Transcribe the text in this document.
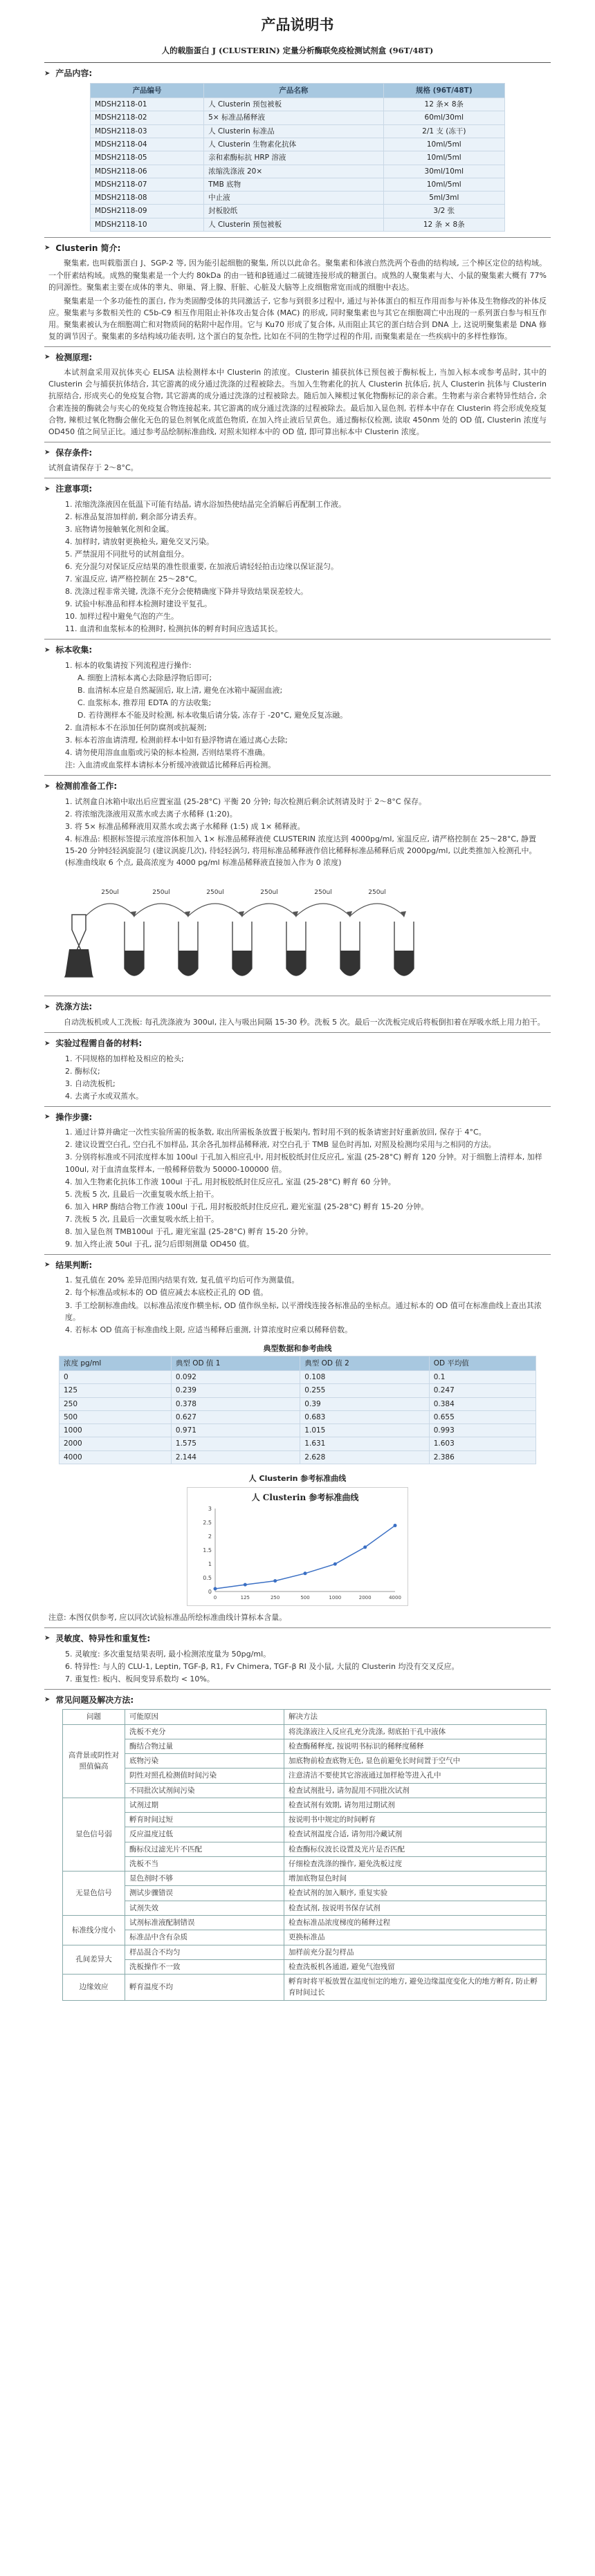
产品说明书
人的载脂蛋白 J (CLUSTERIN) 定量分析酶联免疫检测试剂盒 (96T/48T)
➤ 产品内容:
产品编号	产品名称	规格 (96T/48T)
MDSH2118-01	人 Clusterin 预包被板	12 条× 8条
MDSH2118-02	5× 标准品稀释液	60ml/30ml
MDSH2118-03	人 Clusterin 标准品	2/1 支 (冻干)
MDSH2118-04	人 Clusterin 生物素化抗体	10ml/5ml
MDSH2118-05	亲和素酶标抗 HRP 溶液	10ml/5ml
MDSH2118-06	浓缩洗涤液 20×	30ml/10ml
MDSH2118-07	TMB 底物	10ml/5ml
MDSH2118-08	中止液	5ml/3ml
MDSH2118-09	封板胶纸	3/2 张
MDSH2118-10	人 Clusterin 预包被板	12 条 × 8条
➤ Clusterin 简介:

聚集素, 也叫载脂蛋白 J、SGP-2 等, 因为能引起细胞的聚集, 所以以此命名。聚集素和体液白然洗两个卷曲的结构域, 三个棒区定位的结构域。一个肝素结构域。成熟的聚集素是一个大约 80kDa 的由一链和β链通过二硫键连接形成的糖蛋白。成熟的人聚集素与大、小鼠的聚集素大概有 77% 的同源性。聚集素主要在成体的睾丸、卵巢、肾上腺、肝脏、心脏及大脑等上皮细胞常宽而成的细胞中表达。

聚集素是一个多功能性的蛋白, 作为类固醇受体的共同激活子, 它参与到很多过程中, 通过与补体蛋白的相互作用而参与补体及生物修改的补体反应。聚集素与多数相关性的 C5b-C9 相互作用阻止补体攻击复合体 (MAC) 的形成, 同时聚集素也与其它在细胞凋亡中出现的一系列蛋白参与相互作用。聚集素被认为在细胞凋亡和对物质间的粘附中起作用。它与 Ku70 形成了复合体, 从而阻止其它的蛋白结合到 DNA 上, 这说明聚集素是 DNA 修复的调节因子。聚集素的多结构域功能表明, 这个蛋白的复杂性, 比如在不同的生物学过程的作用, 而聚集素是在一些疾病中的多样性修饰。

➤ 检测原理:

本试剂盒采用双抗体夹心 ELISA 法检测样本中 Clusterin 的浓度。Clusterin 捕获抗体已预包被于酶标板上, 当加入标本或参考品时, 其中的 Clusterin 会与捕获抗体结合, 其它游离的成分通过洗涤的过程被除去。当加入生物素化的抗人 Clusterin 抗体后, 抗人 Clusterin 抗体与 Clusterin 抗原结合, 形成夹心的免疫复合物, 其它游离的成分通过洗涤的过程被除去。随后加入辣根过氧化物酶标记的亲合素。生物素与亲合素特异性结合, 余合素连接的酶就会与夹心的免疫复合物连接起来, 其它游离的成分通过洗涤的过程被除去。最后加入显色剂, 若样本中存在 Clusterin 将会形成免疫复合物, 辣根过氧化物酶会催化无色的显色剂氧化成蓝色物质, 在加入终止液后呈黄色。通过酶标仪检测, 读取 450nm 处的 OD 值, Clusterin 浓度与 OD450 值之间呈正比。通过参考品绘制标准曲线, 对照未知样本中的 OD 值, 即可算出标本中 Clusterin 浓度。

➤ 保存条件:

试剂盒请保存于 2～8°C。

➤ 注意事项:
1. 浓缩洗涤液因在低温下可能有结晶, 请水浴加热使结晶完全消解后再配制工作液。
2. 标准品复溶加样前, 剩余部分请丢弃。
3. 底物请勿接触氧化剂和金属。
4. 加样时, 请放射更换枪头, 避免交叉污染。
5. 严禁混用不同批号的试剂盒组分。
6. 充分混匀对保证反应结果的准性很重要, 在加液后请轻轻拍击边缘以保证混匀。
7. 室温反应, 请严格控制在 25～28°C。
8. 洗涤过程非常关键, 洗涤不充分会使精确度下降并导致结果误差较大。
9. 试验中标准品和样本检测时建设平复孔。
10. 加样过程中避免气泡的产生。
11. 血清和血浆标本的检测时, 检测抗体的孵育时间应选适其长。
➤ 标本收集:
1. 标本的收集请按下列流程进行操作:
A. 细胞上清标本离心去除悬浮物后即可;
B. 血清标本应是自然凝固后, 取上清, 避免在冰箱中凝固血液;
C. 血浆标本, 推荐用 EDTA 的方法收集;
D. 若待测样本不能及时检测, 标本收集后请分装, 冻存于 -20°C, 避免反复冻融。
2. 血清标本不在添加任何防腐剂或抗凝剂;
3. 标本若溶血请清理, 检测前样本中如有悬浮物请在通过离心去除;
4. 请勿使用溶血血脂或污染的标本检测, 否则结果将不准确。
注: 入血清或血浆样本请标本分析缓冲液做适比稀释后再检测。
➤ 检测前准备工作:
1. 试剂盒自冰箱中取出后应置室温 (25-28°C) 平衡 20 分钟; 每次检测后剩余试剂请及时于 2～8°C 保存。
2. 将浓缩洗涤液用双蒸水或去离子水稀释 (1:20)。
3. 将 5× 标准品稀释液用双蒸水或去离子水稀释 (1:5) 成 1× 稀释液。
4. 标准品: 根据标签提示浓度溶体积加入 1× 标准品稀释液使 CLUSTERIN 浓度达到 4000pg/ml, 室温反应, 请严格控制在 25～28°C, 静置 15-20 分钟轻轻涡旋混匀 (建议涡旋几次), 待轻轻涡匀, 将用标准品稀释液作倍比稀释标准品稀释后成 2000pg/ml, 以此类推加入检测孔中。(标准曲线取 6 个点, 最高浓度为 4000 pg/ml 标准品稀释液直接加入作为 0 浓度)
250ul	250ul	250ul	250ul	250ul	250ul
➤ 洗涤方法:

自动洗板机或人工洗板: 每孔洗涤液为 300ul, 注入与吸出间隔 15-30 秒。洗板 5 次。最后一次洗板完成后将板倒扣着在厚吸水纸上用力拍干。

➤ 实验过程需自备的材料:
1. 不同规格的加样枪及相应的枪头;
2. 酶标仪;
3. 自动洗板机;
4. 去离子水或双蒸水。
➤ 操作步骤:
1. 通过计算并确定一次性实验所需的板条数, 取出所需板条放置于板架内, 暂时用不到的板条请密封好重新放回, 保存于 4°C。
2. 建议设置空白孔, 空白孔不加样品, 其余各孔加样品稀释液, 对空白孔于 TMB 显色时再加, 对照及检测均采用与之相同的方法。
3. 分别将标准或不同浓度样本加 100ul 于孔加入相应孔中, 用封板胶纸封住反应孔, 室温 (25-28°C) 孵育 120 分钟。对于细胞上清样本, 加样 100ul, 对于血清血浆样本, 一般稀释倍数为 50000-100000 倍。
4. 加入生物素化抗体工作液 100ul 于孔, 用封板胶纸封住反应孔, 室温 (25-28°C) 孵育 60 分钟。
5. 洗板 5 次, 且最后一次重复吸水纸上拍干。
6. 加入 HRP 酶结合物工作液 100ul 于孔, 用封板胶纸封住反应孔, 避光室温 (25-28°C) 孵育 15-20 分钟。
7. 洗板 5 次, 且最后一次重复吸水纸上拍干。
8. 加入显色剂 TMB100ul 于孔, 避光室温 (25-28°C) 孵育 15-20 分钟。
9. 加入终止液 50ul 于孔, 混匀后即刻测量 OD450 值。
➤ 结果判断:
1. 复孔值在 20% 差异范围内结果有效, 复孔值平均后可作为测量值。
2. 每个标准品或标本的 OD 值应减去本底校正孔的 OD 值。
3. 手工绘制标准曲线。以标准品浓度作横坐标, OD 值作纵坐标, 以平滑线连接各标准品的坐标点。通过标本的 OD 值可在标准曲线上查出其浓度。
4. 若标本 OD 值高于标准曲线上限, 应适当稀释后重测, 计算浓度时应乘以稀释倍数。
典型数据和参考曲线
浓度 pg/ml	典型 OD 值 1	典型 OD 值 2	OD 平均值
0	0.092	0.108	0.1
125	0.239	0.255	0.247
250	0.378	0.39	0.384
500	0.627	0.683	0.655
1000	0.971	1.015	0.993
2000	1.575	1.631	1.603
4000	2.144	2.628	2.386
人 Clusterin 参考标准曲线
人 Clusterin 参考标准曲线
0
0.5
1
1.5
2
2.5
3
0	125	250	500	1000	2000	4000

注意: 本图仅供参考, 应以同次试验标准品所绘标准曲线计算标本含量。

➤ 灵敏度、特异性和重复性:
5. 灵敏度: 多次重复结果表明, 最小检测浓度量为 50pg/ml。
6. 特异性: 与人的 CLU-1, Leptin, TGF-β, R1, Fv Chimera, TGF-β RI 及小鼠, 大鼠的 Clusterin 均没有交叉反应。
7. 重复性: 板内、板间变异系数均 < 10%。
➤ 常见问题及解决方法:
问题	可能原因	解决方法
高背景或阴性对照值偏高	洗板不充分	将洗涤液注入反应孔充分洗涤, 彻底拍干孔中液体
	酶结合物过量	检查酶稀释度, 按说明书标识的稀释度稀释
	底物污染	加底物前检查底物无色, 显色前避免长时间置于空气中
	阴性对照孔检测值时间污染	注意清洁不要使其它溶液通过加样枪等进入孔中
	不同批次试剂间污染	检查试剂批号, 请勿混用不同批次试剂
显色信号弱	试剂过期	检查试剂有效期, 请勿用过期试剂
	孵育时间过短	按说明书中规定的时间孵育
	反应温度过低	检查试剂温度合适, 请勿用冷藏试剂
	酶标仪过滤光片不匹配	检查酶标仪波长设置及光片是否匹配
	洗板不当	仔细检查洗涤的操作, 避免洗板过度
无显色信号	显色剂时不够	增加底物显色时间
	测试步骤错误	检查试剂的加入顺序, 重复实验
	试剂失效	检查试剂, 按说明书保存试剂
标准线分度小	试剂标准液配制错误	检查标准品浓度梯度的稀释过程
	标准品中含有杂质	更换标准品
孔间差异大	样品混合不均匀	加样前充分混匀样品
	洗板操作不一致	检查洗板机各通道, 避免气泡残留
边缘效应	孵育温度不均	孵育时将平板放置在温度恒定的地方, 避免边缘温度变化大的地方孵育, 防止孵育时间过长
